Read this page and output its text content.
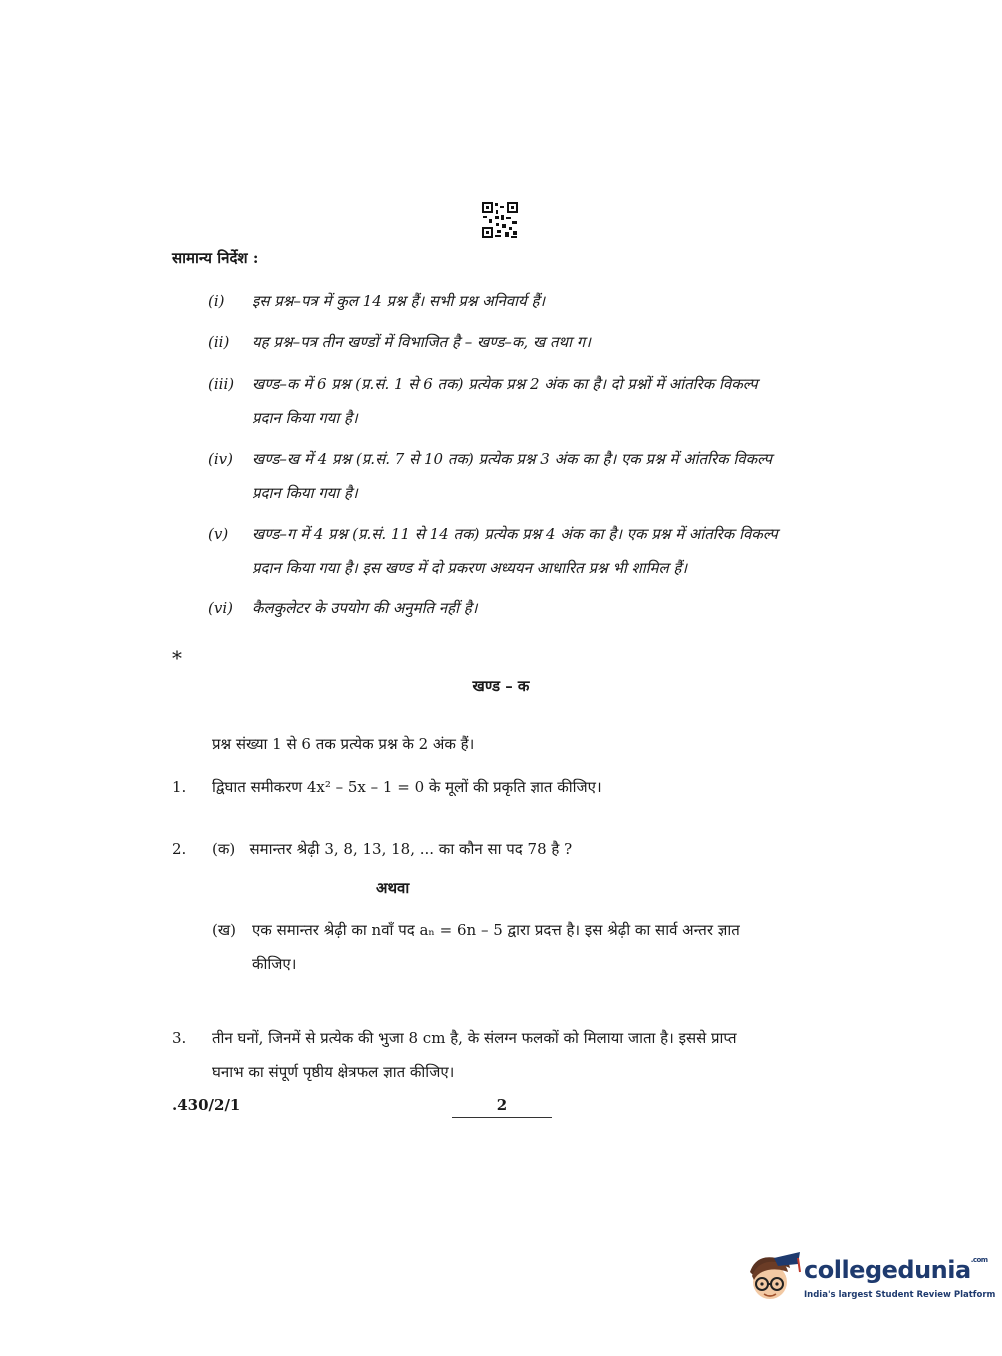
सामान्य निर्देश :
(i)	इस प्रश्न–पत्र में कुल 14 प्रश्न हैं। सभी प्रश्न अनिवार्य हैं।
(ii)	यह प्रश्न–पत्र तीन खण्डों में विभाजित है – खण्ड–क, ख तथा ग।
(iii)	खण्ड–क में 6 प्रश्न (प्र.सं. 1 से 6 तक) प्रत्येक प्रश्न 2 अंक का है। दो प्रश्नों में आंतरिक विकल्प
प्रदान किया गया है।
(iv)	खण्ड–ख में 4 प्रश्न (प्र.सं. 7 से 10 तक) प्रत्येक प्रश्न 3 अंक का है। एक प्रश्न में आंतरिक विकल्प
प्रदान किया गया है।
(v)	खण्ड–ग में 4 प्रश्न (प्र.सं. 11 से 14 तक) प्रत्येक प्रश्न 4 अंक का है। एक प्रश्न में आंतरिक विकल्प
प्रदान किया गया है। इस खण्ड में दो प्रकरण अध्ययन आधारित प्रश्न भी शामिल हैं।
(vi)	कैलकुलेटर के उपयोग की अनुमति नहीं है।
*
खण्ड – क
प्रश्न संख्या 1 से 6 तक प्रत्येक प्रश्न के 2 अंक हैं।
1.	द्विघात समीकरण 4x² – 5x – 1 = 0 के मूलों की प्रकृति ज्ञात कीजिए।
2.	(क) समान्तर श्रेढ़ी 3, 8, 13, 18, ... का कौन सा पद 78 है ?
अथवा
(ख)	एक समान्तर श्रेढ़ी का nवाँ पद aₙ = 6n – 5 द्वारा प्रदत्त है। इस श्रेढ़ी का सार्व अन्तर ज्ञात
कीजिए।
3.	तीन घनों, जिनमें से प्रत्येक की भुजा 8 cm है, के संलग्न फलकों को मिलाया जाता है। इससे प्राप्त
घनाभ का संपूर्ण पृष्ठीय क्षेत्रफल ज्ञात कीजिए।
.430/2/1	2
collegedunia$^{.com}$
India's largest Student Review Platform
